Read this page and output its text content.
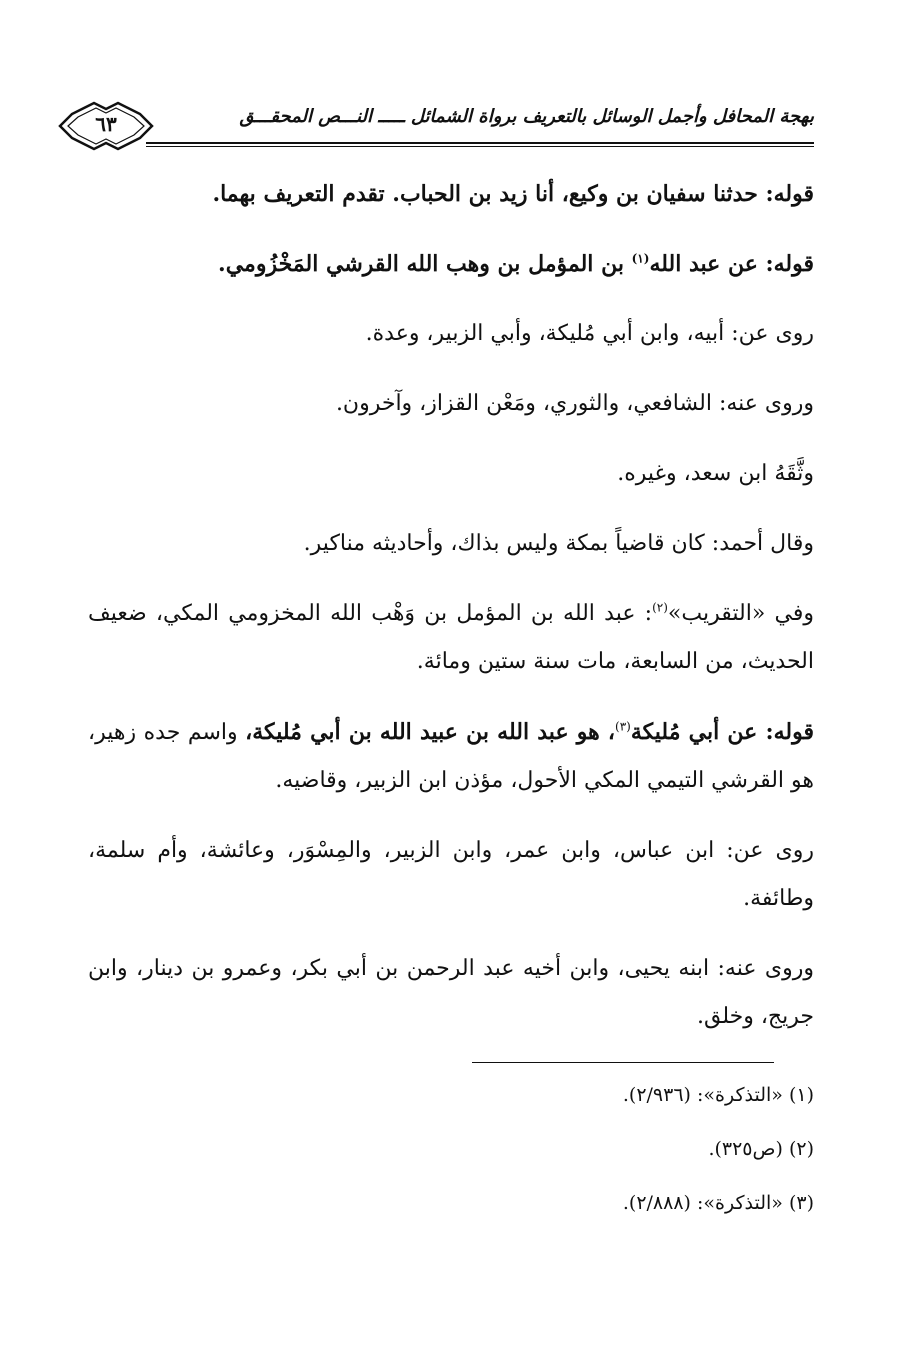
بهجة المحافل وأجمل الوسائل بالتعريف برواة الشمائل ـــــ النـــص المحقـــق
٦٣

قوله: حدثنا سفيان بن وكيع، أنا زيد بن الحباب. تقدم التعريف بهما.

قوله: عن عبد الله$^{(١)}$ بن المؤمل بن وهب الله القرشي المَخْزُومي.

روى عن: أبيه، وابن أبي مُليكة، وأبي الزبير، وعدة.

وروى عنه: الشافعي، والثوري، ومَعْن القزاز، وآخرون.

وثَّقَهُ ابن سعد، وغيره.

وقال أحمد: كان قاضياً بمكة وليس بذاك، وأحاديثه مناكير.

وفي «التقريب»$^{(٢)}$: عبد الله بن المؤمل بن وَهْب الله المخزومي المكي، ضعيف الحديث، من السابعة، مات سنة ستين ومائة.

قوله: عن أبي مُليكة$^{(٣)}$، هو عبد الله بن عبيد الله بن أبي مُليكة، واسم جده زهير، هو القرشي التيمي المكي الأحول، مؤذن ابن الزبير، وقاضيه.

روى عن: ابن عباس، وابن عمر، وابن الزبير، والمِسْوَر، وعائشة، وأم سلمة، وطائفة.

وروى عنه: ابنه يحيى، وابن أخيه عبد الرحمن بن أبي بكر، وعمرو بن دينار، وابن جريج، وخلق.

(١) «التذكرة»: (٢/٩٣٦).

(٢) (ص٣٢٥).

(٣) «التذكرة»: (٢/٨٨٨).
